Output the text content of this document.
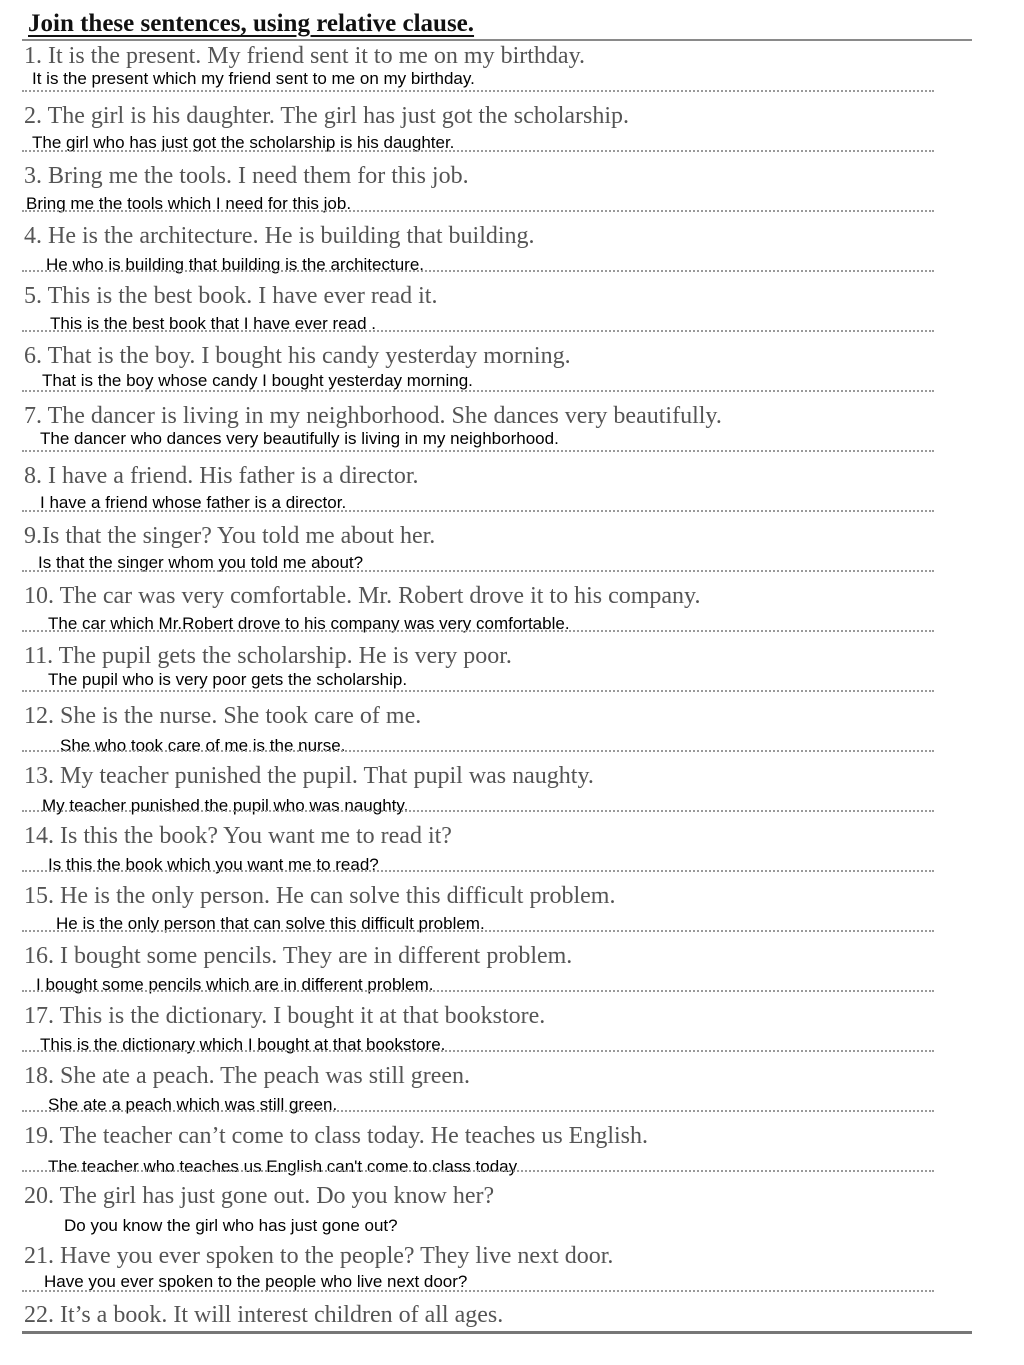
Join these sentences, using relative clause.
1. It is the present. My friend sent it to me on my birthday.
It is the present which my friend sent to me on my birthday.
2. The girl is his daughter. The girl has just got the scholarship.
The girl who has just got the scholarship is his daughter.
3. Bring me the tools. I need them for this job.
Bring me the tools which I need for this job.
4. He is the architecture. He is building that building.
He who is building that building is the architecture.
5. This is the best book. I have ever read it.
This is the best book that I have ever read .
6. That is the boy. I bought his candy yesterday morning.
That is the boy whose candy I bought yesterday morning.
7. The dancer is living in my neighborhood. She dances very beautifully.
The dancer who dances very beautifully is living in my neighborhood.
8. I have a friend. His father is a director.
I have a friend whose father is a director.
9.Is that the singer? You told me about her.
Is that the singer whom you told me about?
10. The car was very comfortable. Mr. Robert drove it to his company.
The car which Mr.Robert drove to his company was very comfortable.
11. The pupil gets the scholarship. He is very poor.
The pupil who is very poor gets the scholarship.
12. She is the nurse. She took care of me.
She who took care of me is the nurse.
13. My teacher punished the pupil. That pupil was naughty.
My teacher punished the pupil who was naughty.
14. Is this the book? You want me to read it?
Is this the book which you want me to read?
15. He is the only person. He can solve this difficult problem.
He is the only person that can solve this difficult problem.
16. I bought some pencils. They are in different problem.
I bought some pencils which are in different problem.
17. This is the dictionary. I bought it at that bookstore.
This is the dictionary which I bought at that bookstore.
18. She ate a peach. The peach was still green.
She ate a peach which was still green.
19. The teacher can’t come to class today. He teaches us English.
The teacher who teaches us English can't come to class today.
20. The girl has just gone out. Do you know her?
Do you know the girl who has just gone out?
21. Have you ever spoken to the people? They live next door.
Have you ever spoken to the people who live next door?
22. It’s a book. It will interest children of all ages.
